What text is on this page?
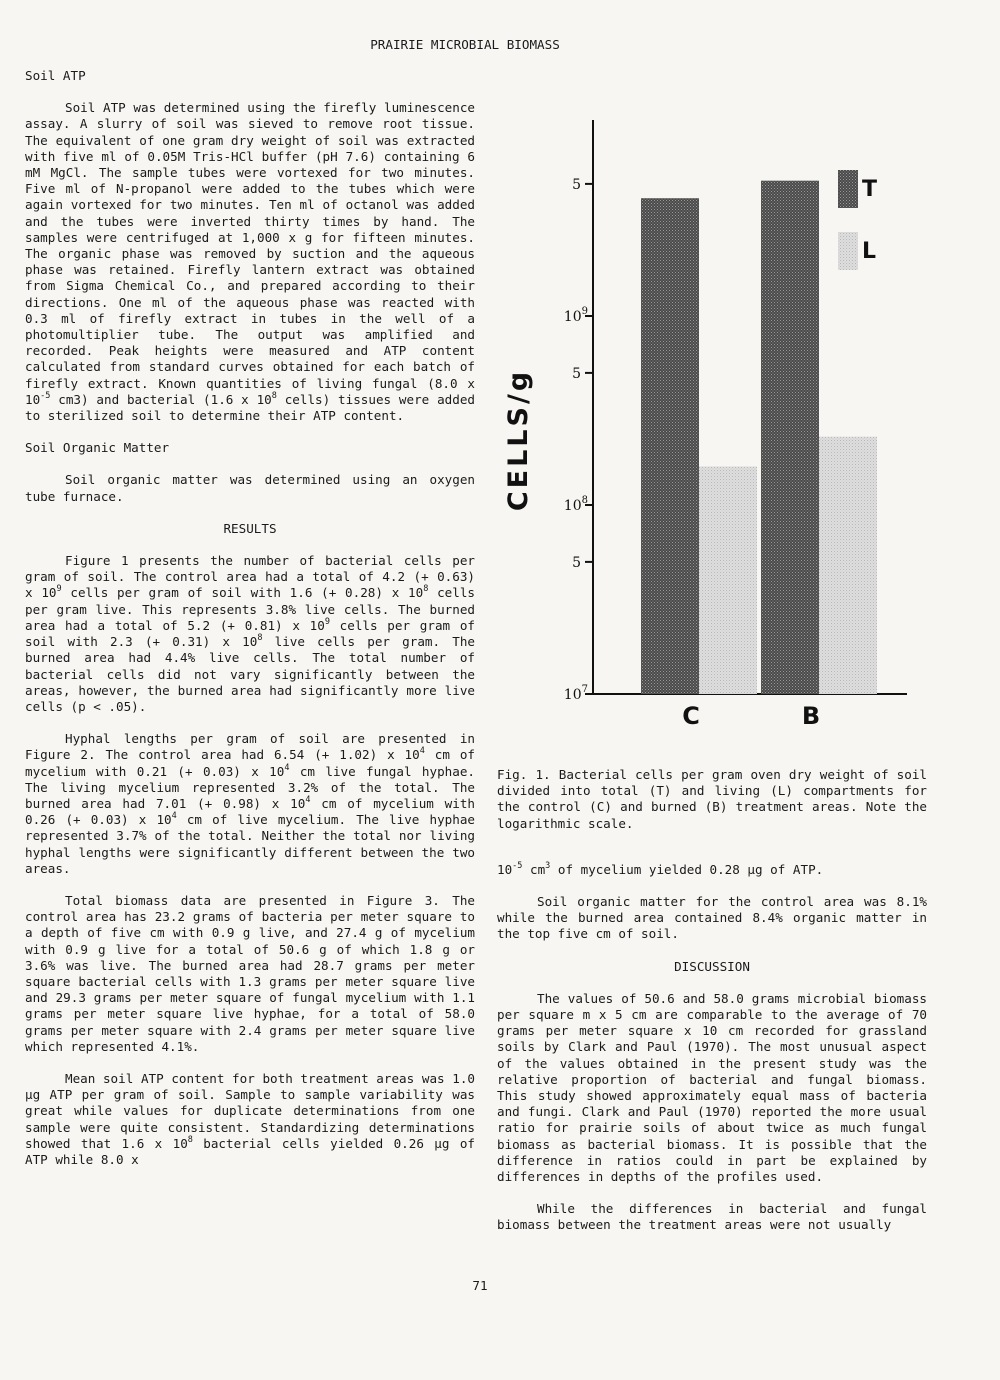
PRAIRIE MICROBIAL BIOMASS
Soil ATP

Soil ATP was determined using the firefly luminescence assay. A slurry of soil was sieved to remove root tissue. The equivalent of one gram dry weight of soil was extracted with five ml of 0.05M Tris-HCl buffer (pH 7.6) containing 6 mM MgCl. The sample tubes were vortexed for two minutes. Five ml of N-propanol were added to the tubes which were again vortexed for two minutes. Ten ml of octanol was added and the tubes were inverted thirty times by hand. The samples were centrifuged at 1,000 x g for fifteen minutes. The organic phase was removed by suction and the aqueous phase was retained. Firefly lantern extract was obtained from Sigma Chemical Co., and prepared according to their directions. One ml of the aqueous phase was reacted with 0.3 ml of firefly extract in tubes in the well of a photomultiplier tube. The output was amplified and recorded. Peak heights were measured and ATP content calculated from standard curves obtained for each batch of firefly extract. Known quantities of living fungal (8.0 x $10^{-5}$ cm3) and bacterial (1.6 x $10^8$ cells) tissues were added to sterilized soil to determine their ATP content.

Soil Organic Matter

Soil organic matter was determined using an oxygen tube furnace.

RESULTS

Figure 1 presents the number of bacterial cells per gram of soil. The control area had a total of 4.2 (+ 0.63) x $10^9$ cells per gram of soil with 1.6 (+ 0.28) x $10^8$ cells per gram live. This represents 3.8% live cells. The burned area had a total of 5.2 (+ 0.81) x $10^9$ cells per gram of soil with 2.3 (+ 0.31) x $10^8$ live cells per gram. The burned area had 4.4% live cells. The total number of bacterial cells did not vary significantly between the areas, however, the burned area had significantly more live cells (p < .05).

Hyphal lengths per gram of soil are presented in Figure 2. The control area had 6.54 (+ 1.02) x $10^4$ cm of mycelium with 0.21 (+ 0.03) x $10^4$ cm live fungal hyphae. The living mycelium represented 3.2% of the total. The burned area had 7.01 (+ 0.98) x $10^4$ cm of mycelium with 0.26 (+ 0.03) x $10^4$ cm of live mycelium. The live hyphae represented 3.7% of the total. Neither the total nor living hyphal lengths were significantly different between the two areas.

Total biomass data are presented in Figure 3. The control area has 23.2 grams of bacteria per meter square to a depth of five cm with 0.9 g live, and 27.4 g of mycelium with 0.9 g live for a total of 50.6 g of which 1.8 g or 3.6% was live. The burned area had 28.7 grams per meter square bacterial cells with 1.3 grams per meter square live and 29.3 grams per meter square of fungal mycelium with 1.1 grams per meter square live hyphae, for a total of 58.0 grams per meter square with 2.4 grams per meter square live which represented 4.1%.

Mean soil ATP content for both treatment areas was 1.0 μg ATP per gram of soil. Sample to sample variability was great while values for duplicate determinations from one sample were quite consistent. Standardizing determinations showed that 1.6 x $10^8$ bacterial cells yielded 0.26 μg of ATP while 8.0 x

$10^7$
5
$10^8$
5
$10^9$
5
CELLS/g
C	B
T
L

Fig. 1. Bacterial cells per gram oven dry weight of soil divided into total (T) and living (L) compartments for the control (C) and burned (B) treatment areas. Note the logarithmic scale.

$10^{-5}$ $cm^3$ of mycelium yielded 0.28 μg of ATP.

Soil organic matter for the control area was 8.1% while the burned area contained 8.4% organic matter in the top five cm of soil.

DISCUSSION

The values of 50.6 and 58.0 grams microbial biomass per square m x 5 cm are comparable to the average of 70 grams per meter square x 10 cm recorded for grassland soils by Clark and Paul (1970). The most unusual aspect of the values obtained in the present study was the relative proportion of bacterial and fungal biomass. This study showed approximately equal mass of bacteria and fungi. Clark and Paul (1970) reported the more usual ratio for prairie soils of about twice as much fungal biomass as bacterial biomass. It is possible that the difference in ratios could in part be explained by differences in depths of the profiles used.

While the differences in bacterial and fungal biomass between the treatment areas were not usually

71
